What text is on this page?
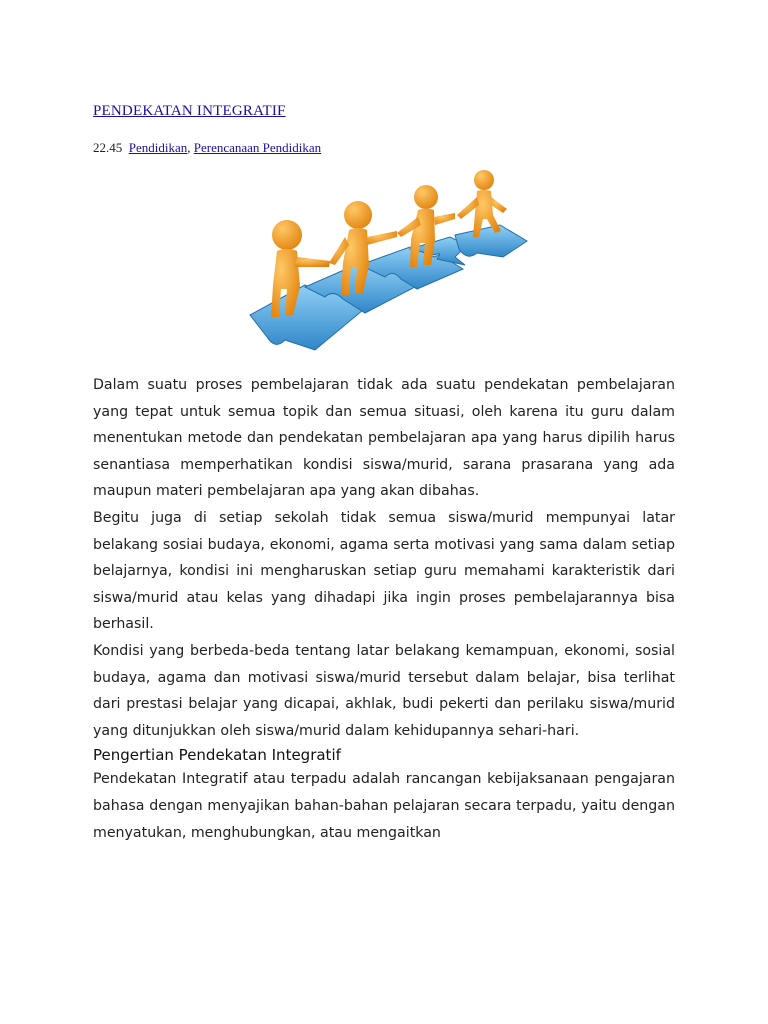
PENDEKATAN INTEGRATIF
22.45 Pendidikan, Perencanaan Pendidikan

Dalam suatu proses pembelajaran tidak ada suatu pendekatan pembelajaran yang tepat untuk semua topik dan semua situasi, oleh karena itu guru dalam menentukan metode dan pendekatan pembelajaran apa yang harus dipilih harus senantiasa memperhatikan kondisi siswa/murid, sarana prasarana yang ada maupun materi pembelajaran apa yang akan dibahas.

Begitu juga di setiap sekolah tidak semua siswa/murid mempunyai latar belakang sosiai budaya, ekonomi, agama serta motivasi yang sama dalam setiap belajarnya, kondisi ini mengharuskan setiap guru memahami karakteristik dari siswa/murid atau kelas yang dihadapi jika ingin proses pembelajarannya bisa berhasil.

Kondisi yang berbeda-beda tentang latar belakang kemampuan, ekonomi, sosial budaya, agama dan motivasi siswa/murid tersebut dalam belajar, bisa terlihat dari prestasi belajar yang dicapai, akhlak, budi pekerti dan perilaku siswa/murid yang ditunjukkan oleh siswa/murid dalam kehidupannya sehari-hari.

Pengertian Pendekatan Integratif

Pendekatan Integratif atau terpadu adalah rancangan kebijaksanaan pengajaran bahasa dengan menyajikan bahan-bahan pelajaran secara terpadu, yaitu dengan menyatukan, menghubungkan, atau mengaitkan
